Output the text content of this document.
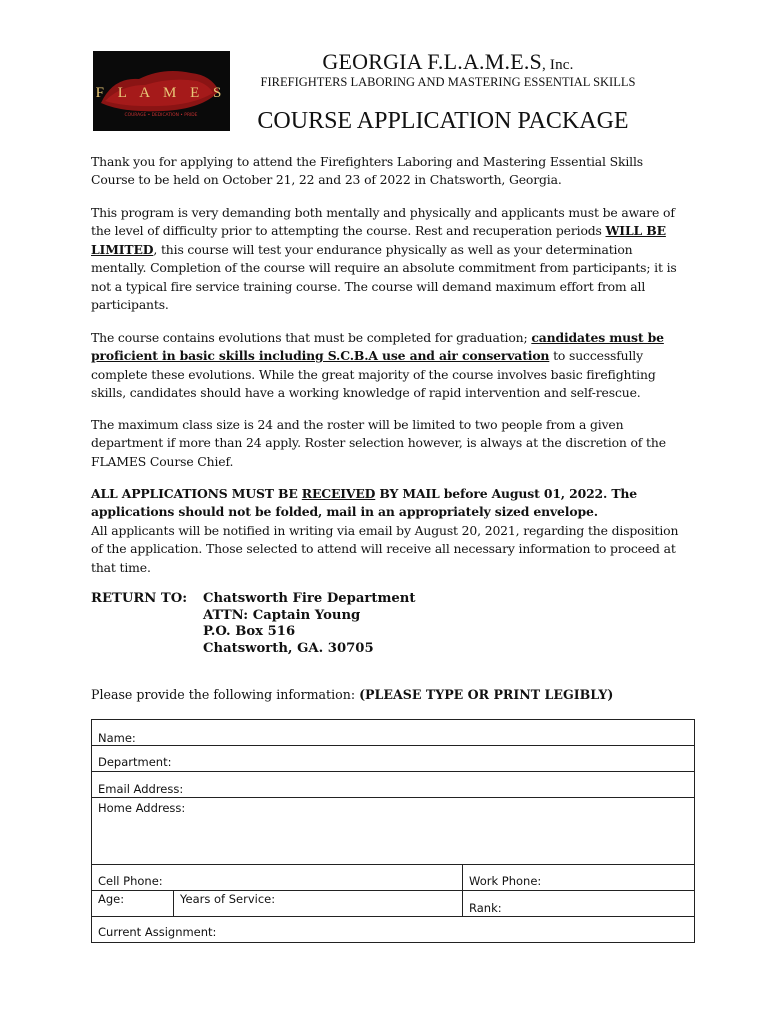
F L A M E S
COURAGE • DEDICATION • PRIDE
GEORGIA F.L.A.M.E.S, Inc.
FIREFIGHTERS LABORING AND MASTERING ESSENTIAL SKILLS
COURSE APPLICATION PACKAGE
Thank you for applying to attend the Firefighters Laboring and Mastering Essential Skills Course to be held on October 21, 22 and 23 of 2022 in Chatsworth, Georgia.
This program is very demanding both mentally and physically and applicants must be aware of the level of difficulty prior to attempting the course. Rest and recuperation periods WILL BE LIMITED, this course will test your endurance physically as well as your determination mentally. Completion of the course will require an absolute commitment from participants; it is not a typical fire service training course. The course will demand maximum effort from all participants.
The course contains evolutions that must be completed for graduation; candidates must be proficient in basic skills including S.C.B.A use and air conservation to successfully complete these evolutions. While the great majority of the course involves basic firefighting skills, candidates should have a working knowledge of rapid intervention and self-rescue.
The maximum class size is 24 and the roster will be limited to two people from a given department if more than 24 apply. Roster selection however, is always at the discretion of the FLAMES Course Chief.
ALL APPLICATIONS MUST BE RECEIVED BY MAIL before August 01, 2022. The applications should not be folded, mail in an appropriately sized envelope.
All applicants will be notified in writing via email by August 20, 2021, regarding the disposition of the application. Those selected to attend will receive all necessary information to proceed at that time.
RETURN TO: Chatsworth Fire Department
ATTN: Captain Young
P.O. Box 516
Chatsworth, GA. 30705
Please provide the following information: (PLEASE TYPE OR PRINT LEGIBLY)
Name:
Department:
Email Address:
Home Address:
Cell Phone:	Work Phone:
Age:	Years of Service:
Rank:
Current Assignment:
